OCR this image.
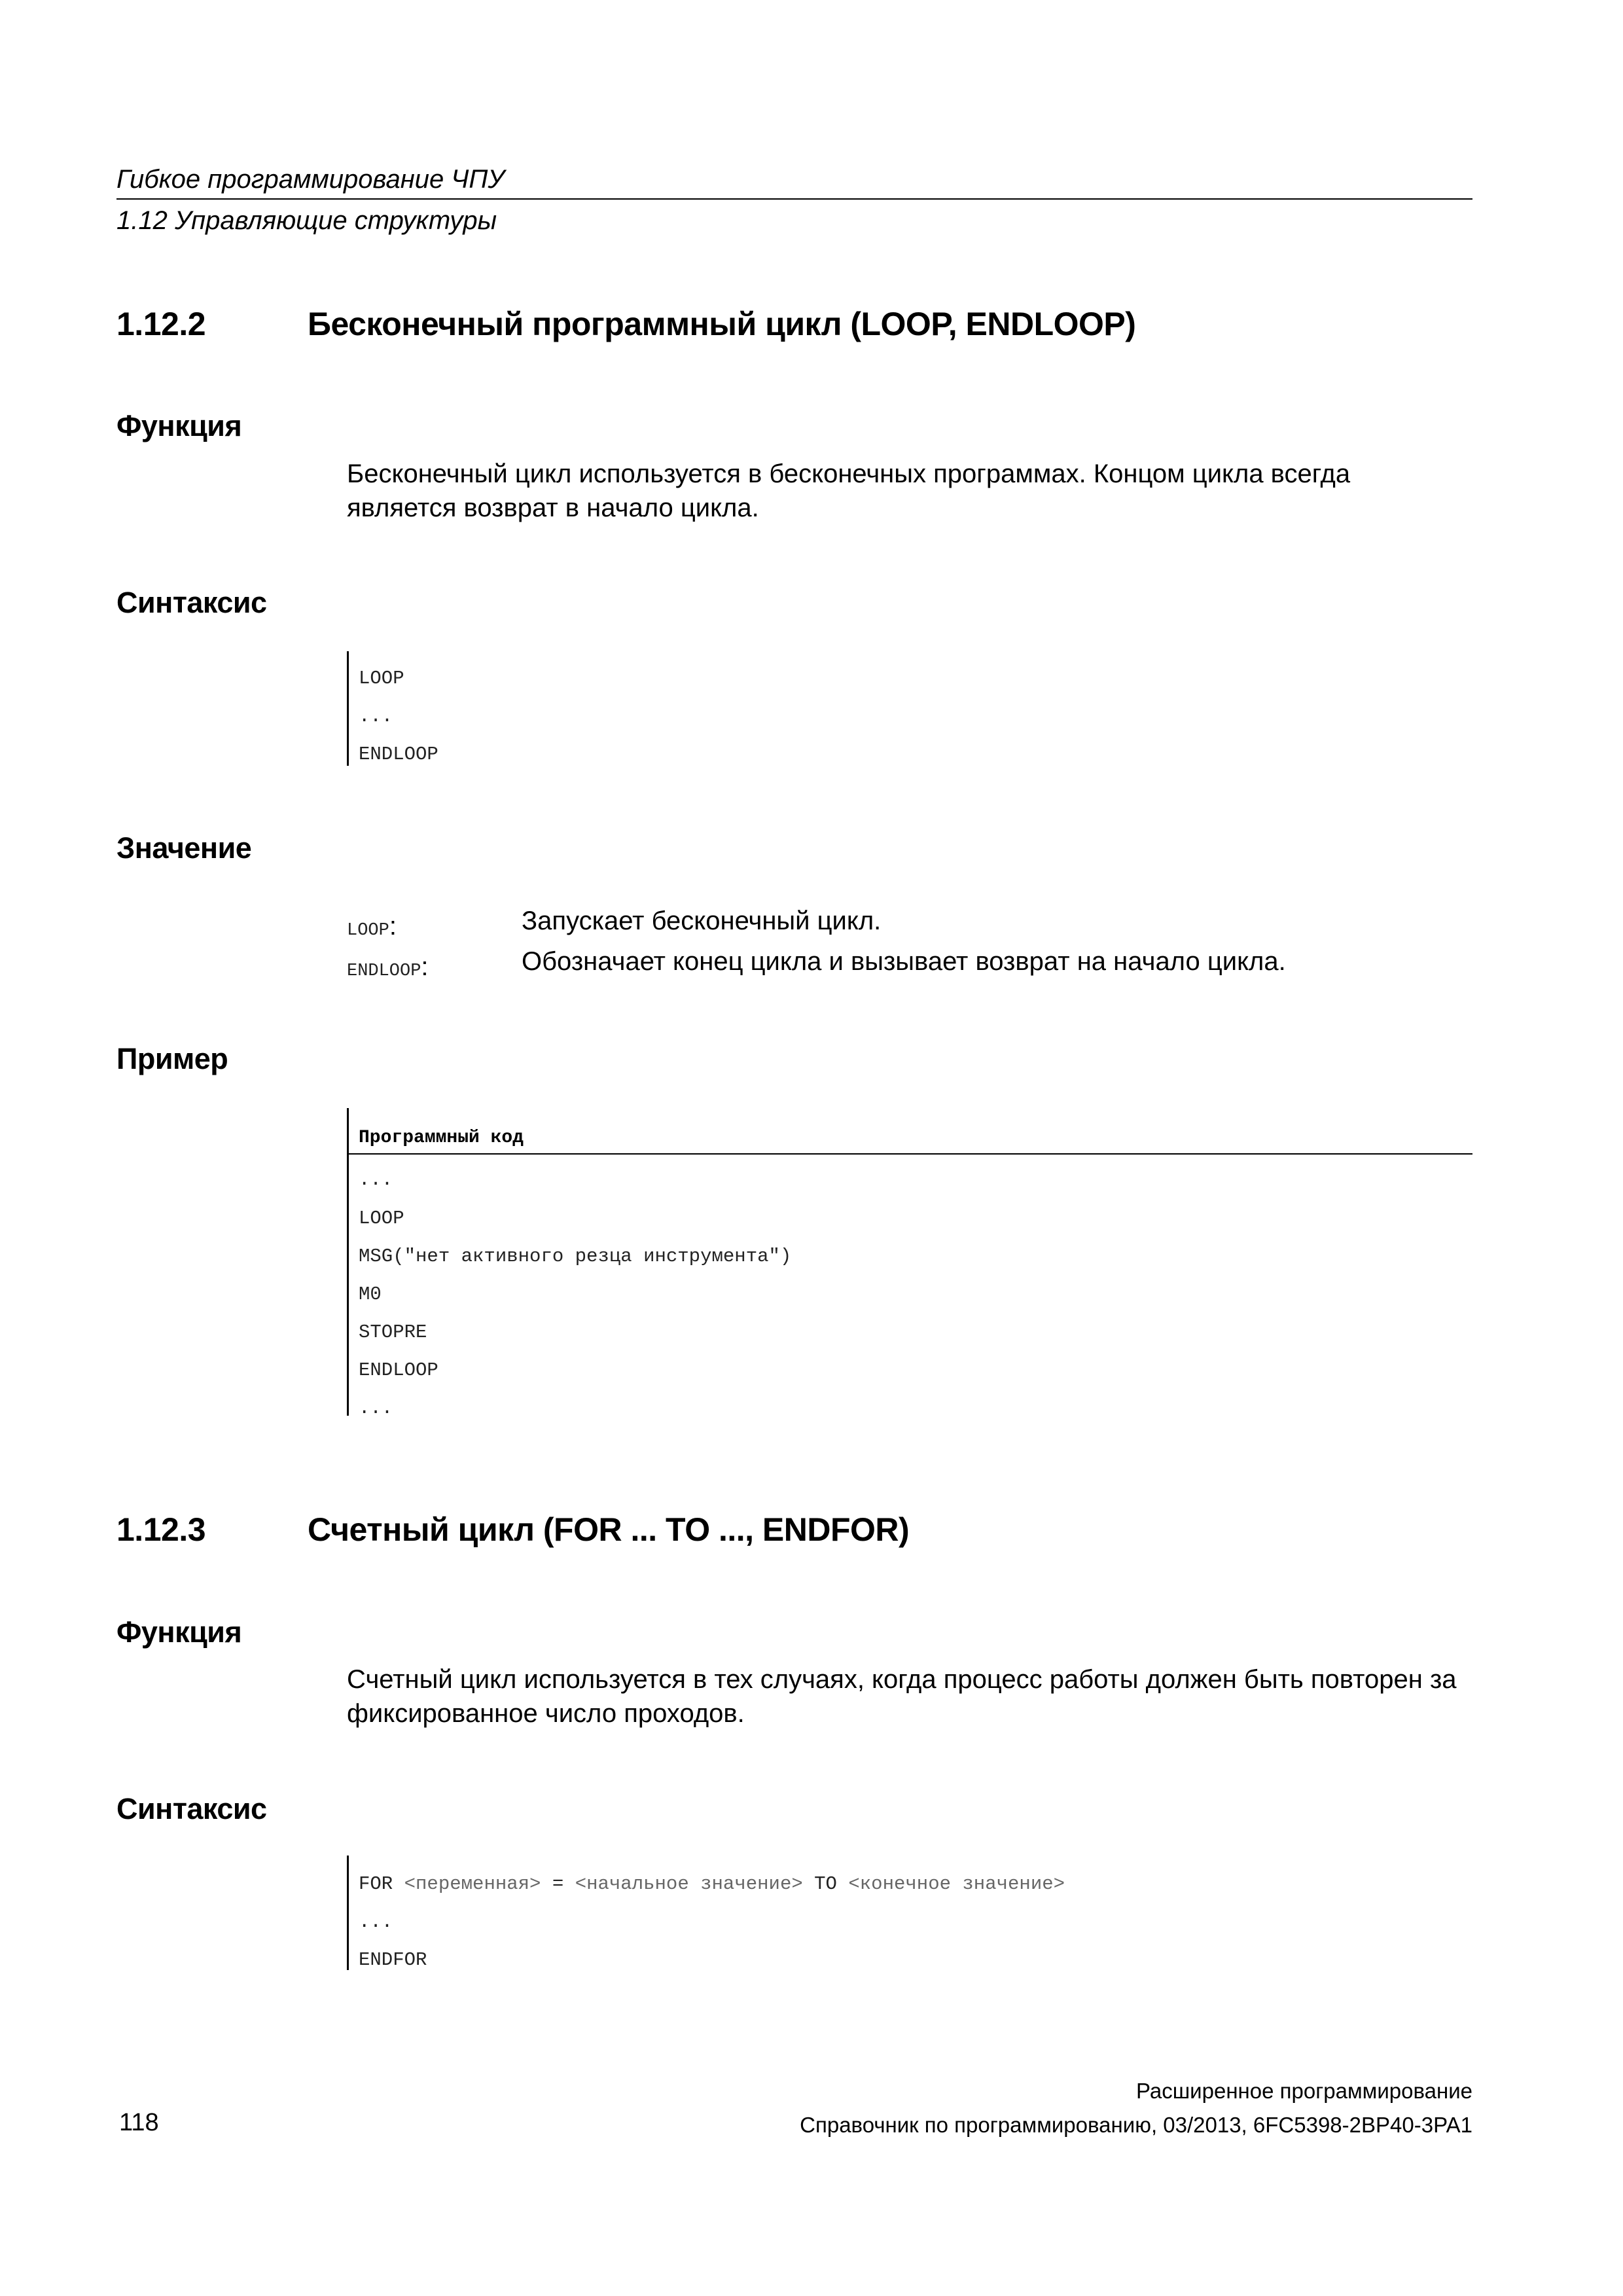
Гибкое программирование ЧПУ
1.12 Управляющие структуры
1.12.2	Бесконечный программный цикл (LOOP, ENDLOOP)
Функция
Бесконечный цикл используется в бесконечных программах. Концом цикла всегда является возврат в начало цикла.
Синтаксис
LOOP
...
ENDLOOP
Значение
LOOP:	Запускает бесконечный цикл.
ENDLOOP:	Обозначает конец цикла и вызывает возврат на начало цикла.
Пример
Программный код
...
LOOP
MSG("нет активного резца инструмента")
M0
STOPRE
ENDLOOP
...
1.12.3	Счетный цикл (FOR ... TO ..., ENDFOR)
Функция
Счетный цикл используется в тех случаях, когда процесс работы должен быть повторен за фиксированное число проходов.
Синтаксис
FOR <переменная> = <начальное значение> TO <конечное значение>
...
ENDFOR
Расширенное программирование
118	Справочник по программированию, 03/2013, 6FC5398-2BP40-3PA1
